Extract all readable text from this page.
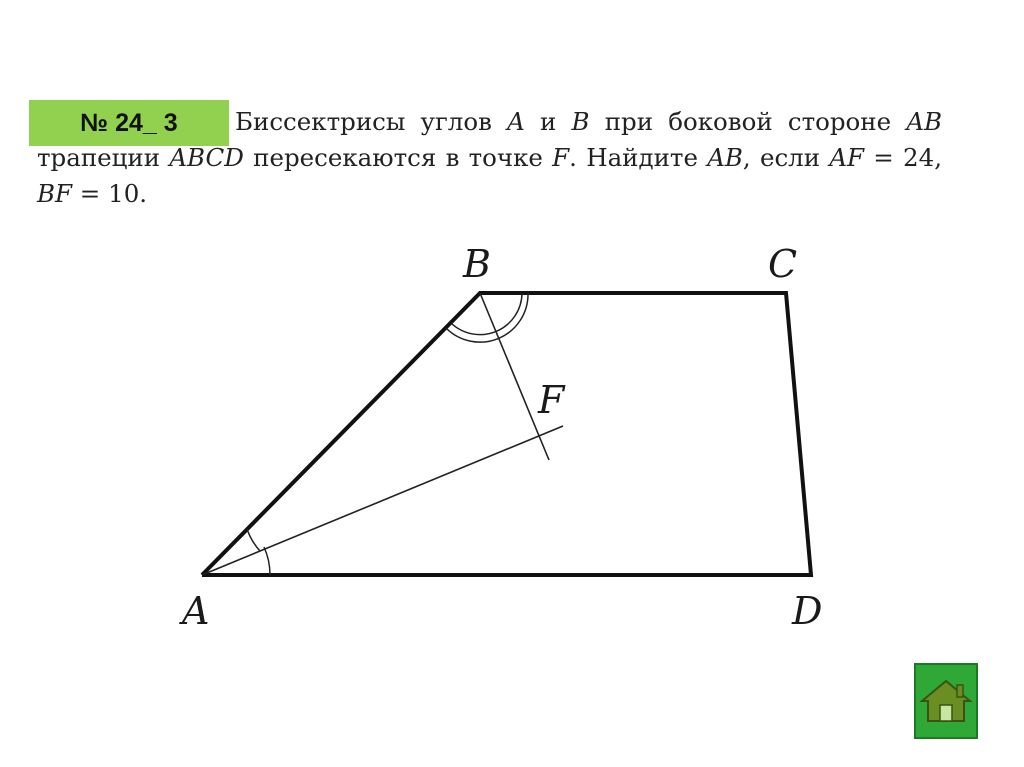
№ 24_ 3	Биссектрисы углов A и B при боковой стороне AB трапеции ABCD пересекаются в точке F. Найдите AB, если AF = 24, BF = 10.
A
B	C
D
F
